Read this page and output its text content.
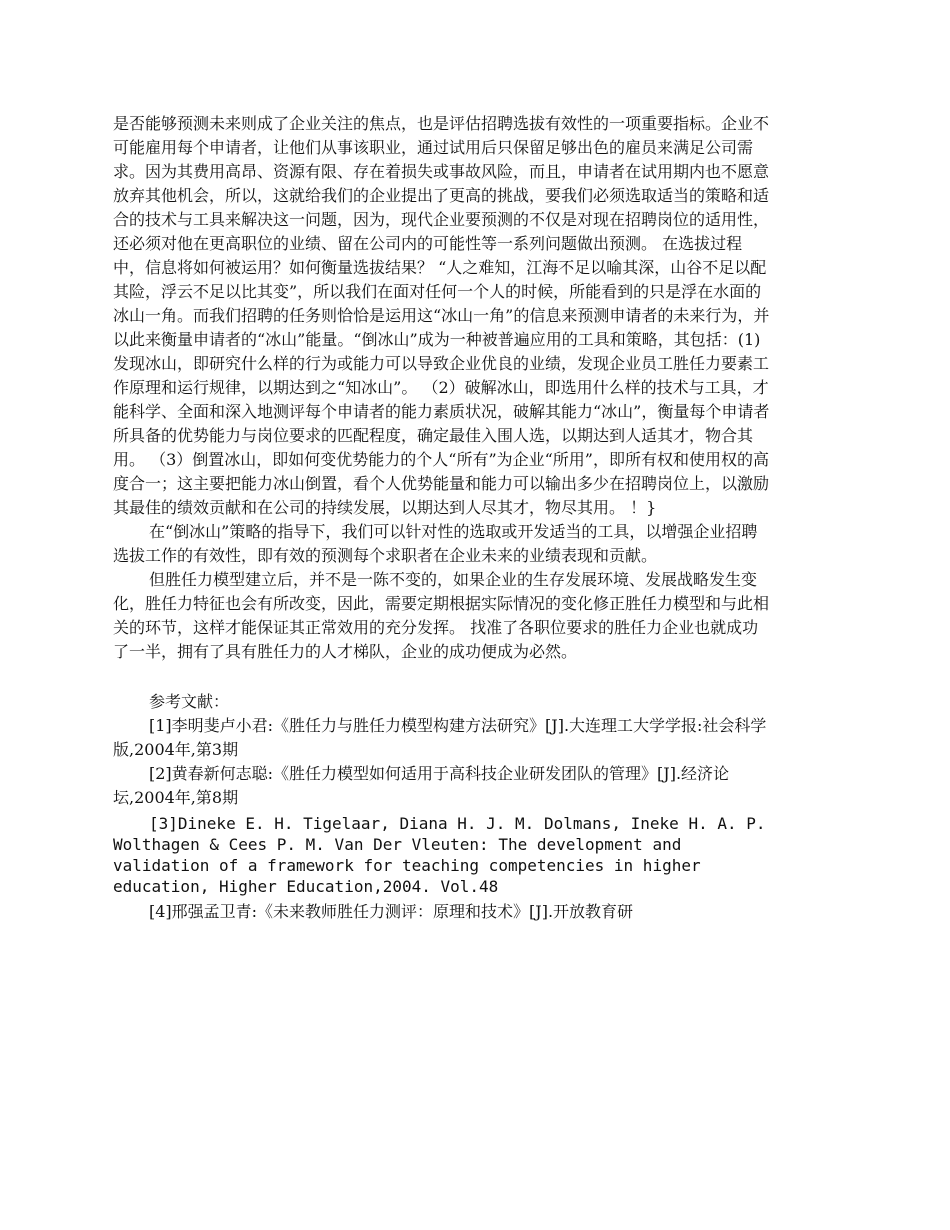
是否能够预测未来则成了企业关注的焦点，也是评估招聘选拔有效性的一项重要指标。企业不可能雇用每个申请者，让他们从事该职业，通过试用后只保留足够出色的雇员来满足公司需求。因为其费用高昂、资源有限、存在着损失或事故风险，而且，申请者在试用期内也不愿意放弃其他机会，所以，这就给我们的企业提出了更高的挑战，要我们必须选取适当的策略和适合的技术与工具来解决这一问题，因为，现代企业要预测的不仅是对现在招聘岗位的适用性，还必须对他在更高职位的业绩、留在公司内的可能性等一系列问题做出预测。 在选拔过程中，信息将如何被运用？如何衡量选拔结果？ “人之难知，江海不足以喻其深，山谷不足以配其险，浮云不足以比其变”，所以我们在面对任何一个人的时候，所能看到的只是浮在水面的冰山一角。而我们招聘的任务则恰恰是运用这“冰山一角”的信息来预测申请者的未来行为，并以此来衡量申请者的“冰山”能量。“倒冰山”成为一种被普遍应用的工具和策略，其包括：(1)发现冰山，即研究什么样的行为或能力可以导致企业优良的业绩，发现企业员工胜任力要素工作原理和运行规律，以期达到之“知冰山”。 （2）破解冰山，即选用什么样的技术与工具，才能科学、全面和深入地测评每个申请者的能力素质状况，破解其能力“冰山”，衡量每个申请者所具备的优势能力与岗位要求的匹配程度，确定最佳入围人选，以期达到人适其才，物合其用。 （3）倒置冰山，即如何变优势能力的个人“所有”为企业“所用”，即所有权和使用权的高度合一；这主要把能力冰山倒置，看个人优势能量和能力可以输出多少在招聘岗位上，以激励其最佳的绩效贡献和在公司的持续发展，以期达到人尽其才，物尽其用。 ！}

在“倒冰山”策略的指导下，我们可以针对性的选取或开发适当的工具，以增强企业招聘选拔工作的有效性，即有效的预测每个求职者在企业未来的业绩表现和贡献。

但胜任力模型建立后，并不是一陈不变的，如果企业的生存发展环境、发展战略发生变化，胜任力特征也会有所改变，因此，需要定期根据实际情况的变化修正胜任力模型和与此相关的环节，这样才能保证其正常效用的充分发挥。 找准了各职位要求的胜任力企业也就成功了一半，拥有了具有胜任力的人才梯队，企业的成功便成为必然。

参考文献：

[1]李明斐卢小君:《胜任力与胜任力模型构建方法研究》[J].大连理工大学学报:社会科学版,2004年,第3期

[2]黄春新何志聪:《胜任力模型如何适用于高科技企业研发团队的管理》[J].经济论坛,2004年,第8期

[3]Dineke E. H. Tigelaar, Diana H. J. M. Dolmans, Ineke H. A. P. Wolthagen & Cees P. M. Van Der Vleuten: The development and validation of a framework for teaching competencies in higher education, Higher Education,2004. Vol.48

[4]邢强孟卫青:《未来教师胜任力测评：原理和技术》[J].开放教育研
